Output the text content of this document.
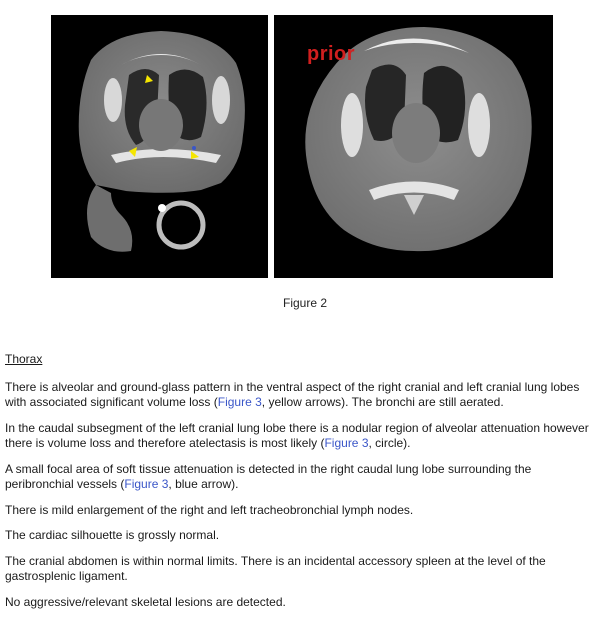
prior
Figure 2
Thorax

There is alveolar and ground-glass pattern in the ventral aspect of the right cranial and left cranial lung lobes with associated significant volume loss (Figure 3, yellow arrows). The bronchi are still aerated.

In the caudal subsegment of the left cranial lung lobe there is a nodular region of alveolar attenuation however there is volume loss and therefore atelectasis is most likely (Figure 3, circle).

A small focal area of soft tissue attenuation is detected in the right caudal lung lobe surrounding the peribronchial vessels (Figure 3, blue arrow).

There is mild enlargement of the right and left tracheobronchial lymph nodes.

The cardiac silhouette is grossly normal.

The cranial abdomen is within normal limits. There is an incidental accessory spleen at the level of the gastrosplenic ligament.

No aggressive/relevant skeletal lesions are detected.
